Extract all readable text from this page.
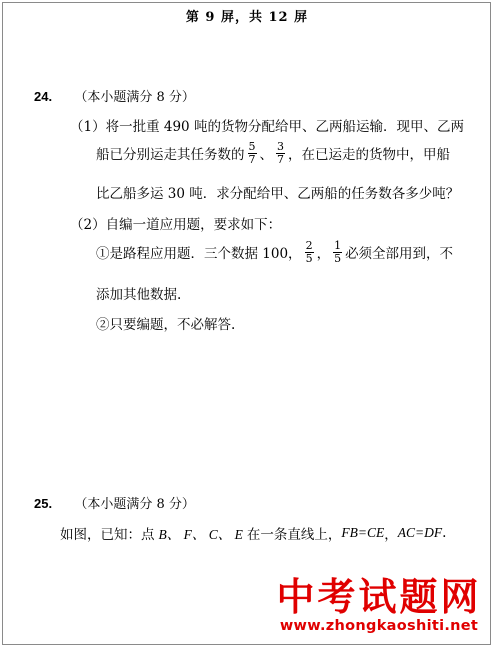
第 9 屏，共 12 屏
24. （本小题满分 8 分）
（1）将一批重 490 吨的货物分配给甲、乙两船运输．现甲、乙两
船已分别运走其任务数的 $\frac{5}{7}$ 、 $\frac{3}{7}$ ，在已运走的货物中，甲船
比乙船多运 30 吨．求分配给甲、乙两船的任务数各多少吨？
（2）自编一道应用题，要求如下：
①是路程应用题．三个数据 100， $\frac{2}{5}$ ， $\frac{1}{5}$ 必须全部用到，不
添加其他数据.
②只要编题，不必解答.
25. （本小题满分 8 分）
如图，已知：点 B、 F、 C、 E 在一条直线上， FB=CE ， AC=DF .
中考试题网
www.zhongkaoshiti.net
